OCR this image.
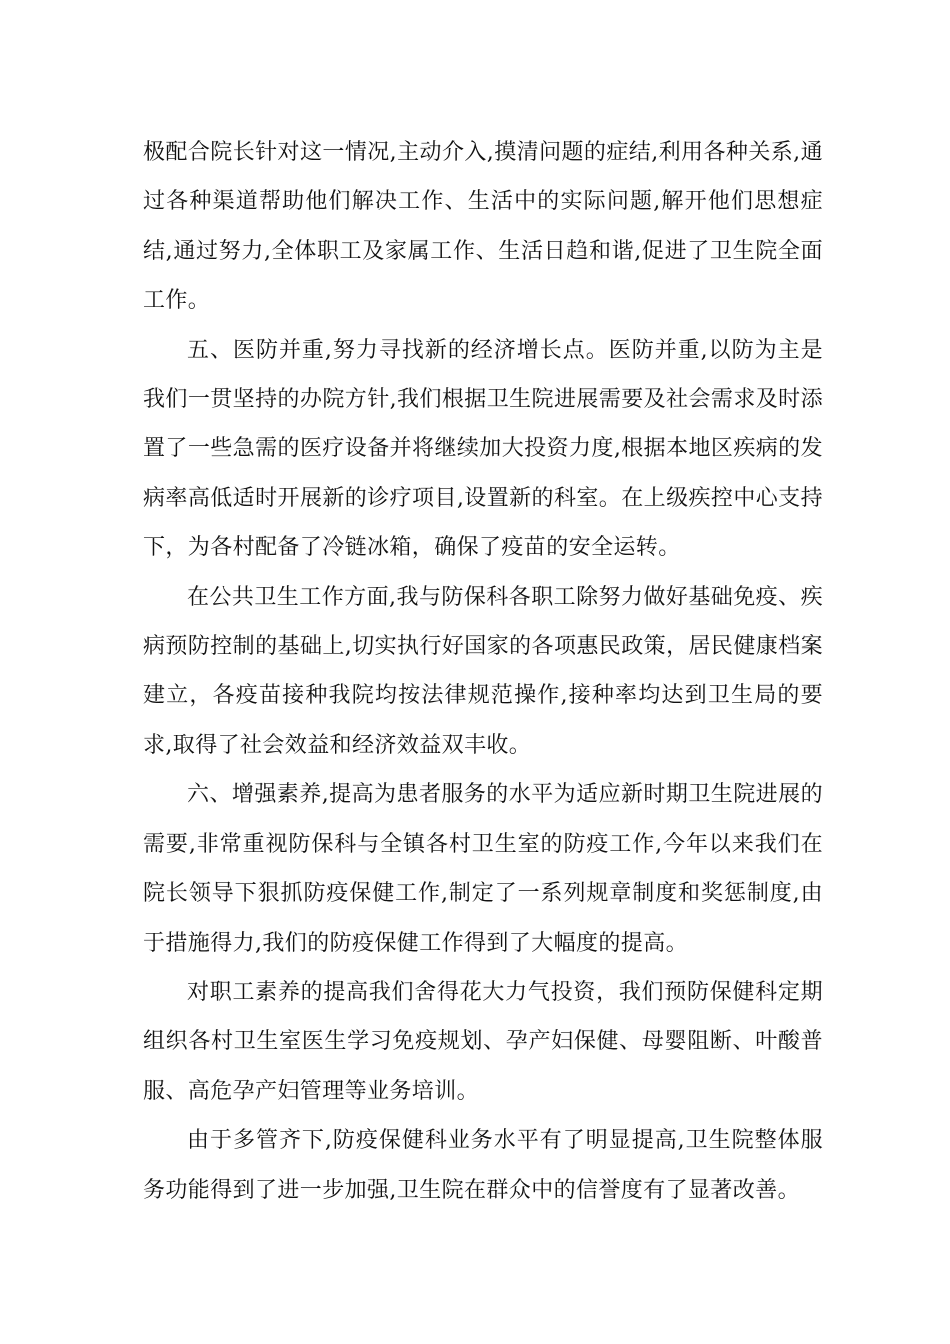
极配合院长针对这一情况,主动介入,摸清问题的症结,利用各种关系,通过各种渠道帮助他们解决工作、生活中的实际问题,解开他们思想症结,通过努力,全体职工及家属工作、生活日趋和谐,促进了卫生院全面工作。

五、医防并重,努力寻找新的经济增长点。医防并重,以防为主是我们一贯坚持的办院方针,我们根据卫生院进展需要及社会需求及时添置了一些急需的医疗设备并将继续加大投资力度,根据本地区疾病的发病率高低适时开展新的诊疗项目,设置新的科室。在上级疾控中心支持下，为各村配备了冷链冰箱，确保了疫苗的安全运转。

在公共卫生工作方面,我与防保科各职工除努力做好基础免疫、疾病预防控制的基础上,切实执行好国家的各项惠民政策，居民健康档案建立，各疫苗接种我院均按法律规范操作,接种率均达到卫生局的要求,取得了社会效益和经济效益双丰收。

六、增强素养,提高为患者服务的水平为适应新时期卫生院进展的需要,非常重视防保科与全镇各村卫生室的防疫工作,今年以来我们在院长领导下狠抓防疫保健工作,制定了一系列规章制度和奖惩制度,由于措施得力,我们的防疫保健工作得到了大幅度的提高。

对职工素养的提高我们舍得花大力气投资，我们预防保健科定期组织各村卫生室医生学习免疫规划、孕产妇保健、母婴阻断、叶酸普服、高危孕产妇管理等业务培训。

由于多管齐下,防疫保健科业务水平有了明显提高,卫生院整体服务功能得到了进一步加强,卫生院在群众中的信誉度有了显著改善。
